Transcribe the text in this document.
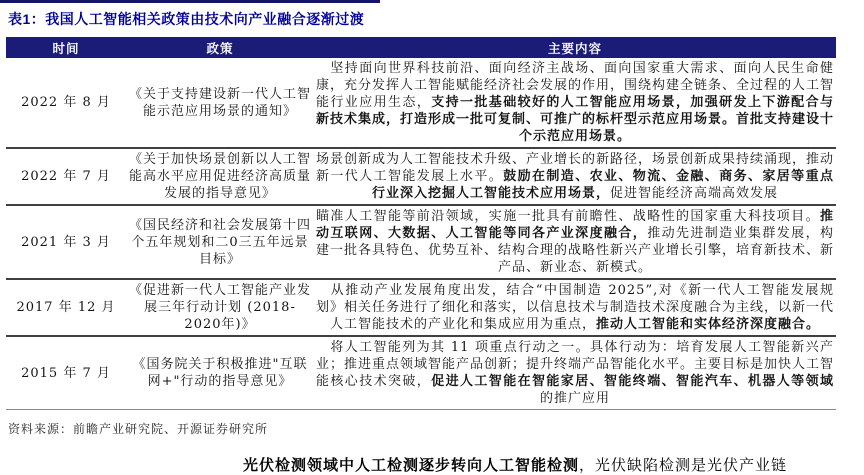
表1：我国人工智能相关政策由技术向产业融合逐渐过渡
时间	政策	主要内容
2022 年 8 月	《关于支持建设新一代人工智能示范应用场景的通知》	　坚持面向世界科技前沿、面向经济主战场、面向国家重大需求、面向人民生命健康，充分发挥人工智能赋能经济社会发展的作用，围绕构建全链条、全过程的人工智能行业应用生态，支持一批基础较好的人工智能应用场景，加强研发上下游配合与新技术集成，打造形成一批可复制、可推广的标杆型示范应用场景。首批支持建设十个示范应用场景。
2022 年 7 月	《关于加快场景创新以人工智能高水平应用促进经济高质量发展的指导意见》	场景创新成为人工智能技术升级、产业增长的新路径，场景创新成果持续涌现，推动新一代人工智能发展上水平。鼓励在制造、农业、物流、金融、商务、家居等重点行业深入挖掘人工智能技术应用场景，促进智能经济高端高效发展
2021 年 3 月	《国民经济和社会发展第十四个五年规划和二0三五年远景目标》	瞄准人工智能等前沿领域，实施一批具有前瞻性、战略性的国家重大科技项目。推动互联网、大数据、人工智能等同各产业深度融合，推动先进制造业集群发展，构建一批各具特色、优势互补、结构合理的战略性新兴产业增长引擎，培育新技术、新产品、新业态、新模式。
2017 年 12 月	《促进新一代人工智能产业发展三年行动计划 (2018-2020年)》	　从推动产业发展角度出发，结合“中国制造 2025”,对《新一代人工智能发展规划》相关任务进行了细化和落实，以信息技术与制造技术深度融合为主线，以新一代人工智能技术的产业化和集成应用为重点，推动人工智能和实体经济深度融合。
2015 年 7 月	《国务院关于积极推进"互联网+"行动的指导意见》	　将人工智能列为其 11 项重点行动之一。具体行动为：培育发展人工智能新兴产业；推进重点领域智能产品创新；提升终端产品智能化水平。主要目标是加快人工智能核心技术突破，促进人工智能在智能家居、智能终端、智能汽车、机器人等领域的推广应用
资料来源：前瞻产业研究院、开源证券研究所
光伏检测领域中人工检测逐步转向人工智能检测，光伏缺陷检测是光伏产业链
